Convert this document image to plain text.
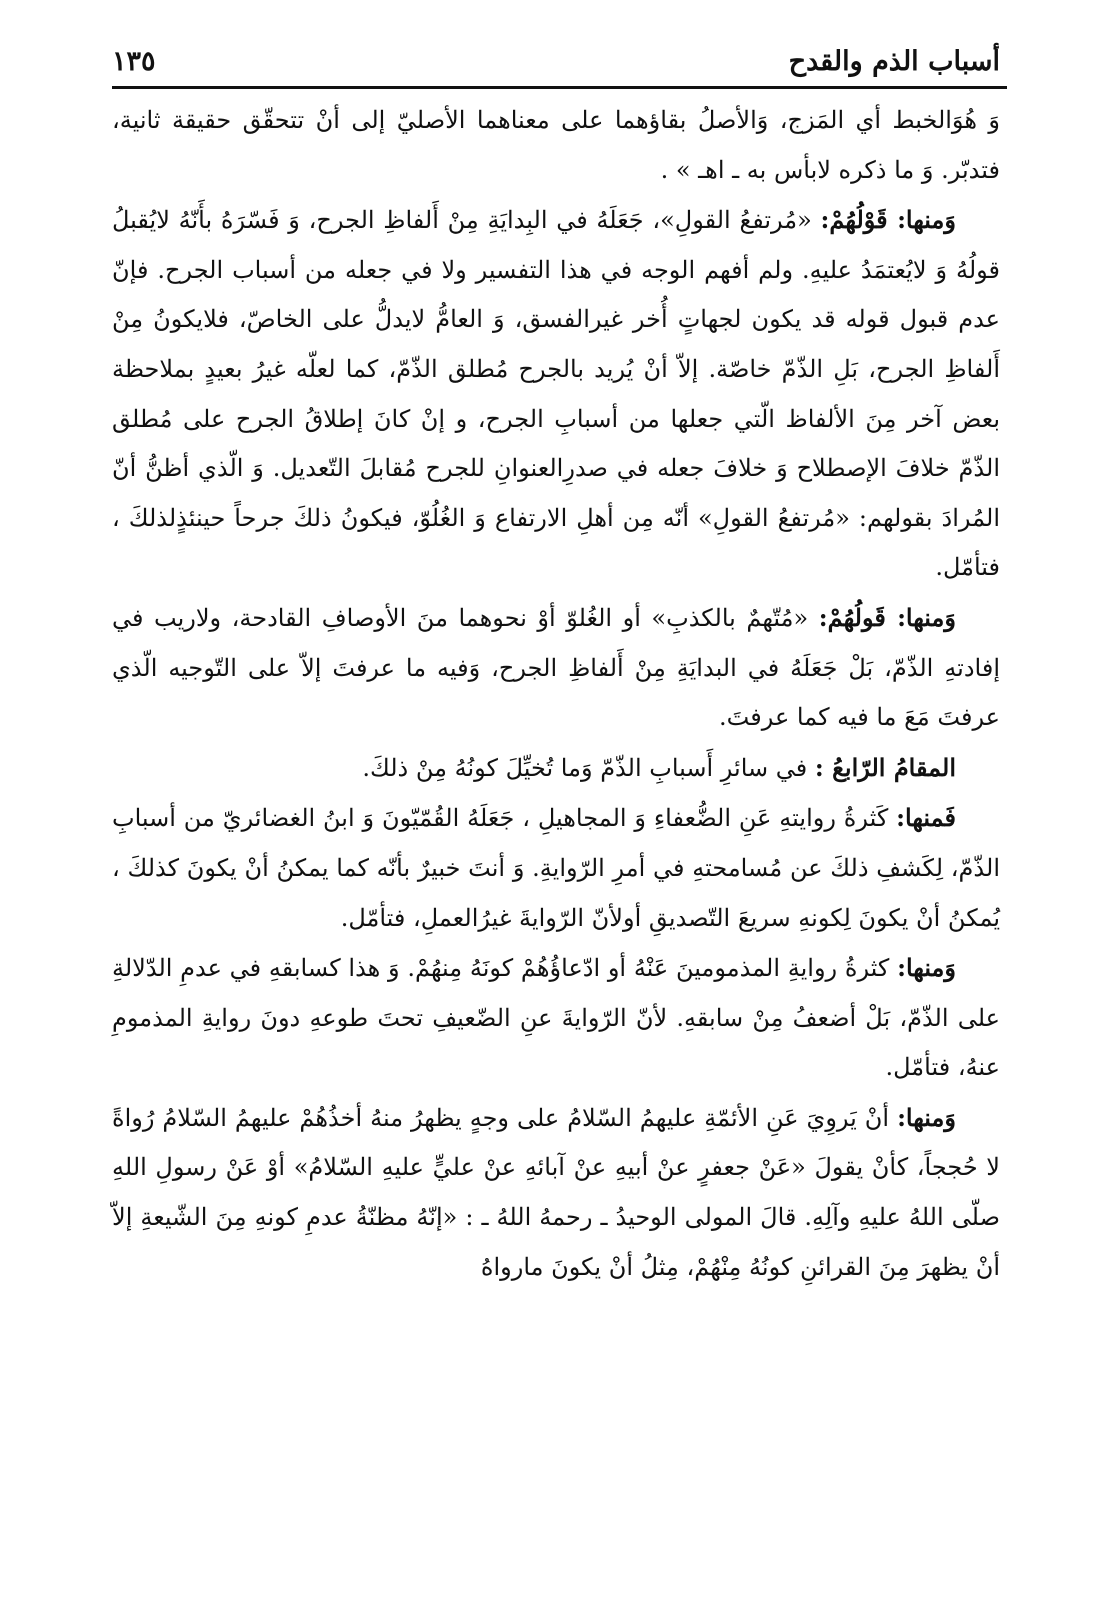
أسباب الذم والقدح
١٣٥

وَ هُوَالخبط أي المَزج، وَالأصلُ بقاؤهما على معناهما الأصليّ إلى أنْ تتحقّق حقيقة ثانية، فتدبّر. وَ ما ذكره لابأس به ـ اهـ » .

وَمنها: قَوْلُهُمْ: «مُرتفعُ القولِ»، جَعَلَهُ في البِدايَةِ مِنْ أَلفاظِ الجرح، وَ فَسّرَهُ بأَنّهُ لايُقبلُ قولُهُ وَ لايُعتمَدُ عليهِ. ولم أفهم الوجه في هذا التفسير ولا في جعله من أسباب الجرح. فإنّ عدم قبول قوله قد يكون لجهاتٍ أُخر غيرالفسق، وَ العامُّ لايدلُّ على الخاصّ، فلايكونُ مِنْ أَلفاظِ الجرح، بَلِ الذّمّ خاصّة. إلاّ أنْ يُريد بالجرح مُطلق الذّمّ، كما لعلّه غيرُ بعيدٍ بملاحظة بعض آخر مِنَ الألفاظ الّتي جعلها من أسبابِ الجرح، و إنْ كانَ إطلاقُ الجرح على مُطلق الذّمّ خلافَ الإصطلاح وَ خلافَ جعله في صدرِالعنوانِ للجرح مُقابلَ التّعديل. وَ الّذي أظنُّ أنّ المُرادَ بقولهم: «مُرتفعُ القولِ» أنّه مِن أهلِ الارتفاع وَ الغُلُوّ، فيكونُ ذلكَ جرحاً حينئذٍلذلكَ ، فتأمّل.

وَمنها: قَولُهُمْ: «مُتّهمٌ بالكذبِ» أو الغُلوّ أوْ نحوهما منَ الأوصافِ القادحة، ولاريب في إفادتهِ الذّمّ، بَلْ جَعَلَهُ في البدايَةِ مِنْ أَلفاظِ الجرح، وَفيه ما عرفتَ إلاّ على التّوجيه الّذي عرفتَ مَعَ ما فيه كما عرفتَ.

المقامُ الرّابعُ : في سائرِ أَسبابِ الذّمّ وَما تُخيِّلَ كونُهُ مِنْ ذلكَ.

فَمنها: كَثرةُ روايتهِ عَنِ الضُّعفاءِ وَ المجاهيلِ ، جَعَلَهُ القُمّيّونَ وَ ابنُ الغضائريّ من أسبابِ الذّمّ، لِكَشفِ ذلكَ عن مُسامحتهِ في أمرِ الرّوايةِ. وَ أنتَ خبيرٌ بأنّه كما يمكنُ أنْ يكونَ كذلكَ ، يُمكنُ أنْ يكونَ لِكونهِ سريعَ التّصديقِ أولأنّ الرّوايةَ غيرُالعملِ، فتأمّل.

وَمنها: كثرةُ روايةِ المذمومينَ عَنْهُ أو ادّعاؤُهُمْ كونَهُ مِنهُمْ. وَ هذا كسابقهِ في عدمِ الدّلالةِ على الذّمّ، بَلْ أضعفُ مِنْ سابقهِ. لأنّ الرّوايةَ عنِ الضّعيفِ تحتَ طوعهِ دونَ روايةِ المذمومِ عنهُ، فتأمّل.

وَمنها: أنْ يَروِيَ عَنِ الأئمّةِ عليهمُ السّلامُ على وجهٍ يظهرُ منهُ أخذُهُمْ عليهمُ السّلامُ رُواةً لا حُججاً، كأنْ يقولَ «عَنْ جعفرٍ عنْ أبيهِ عنْ آبائهِ عنْ عليٍّ عليهِ السّلامُ» أوْ عَنْ رسولِ اللهِ صلّى اللهُ عليهِ وآلِهِ. قالَ المولى الوحيدُ ـ رحمهُ اللهُ ـ : «إنّهُ مظنّةُ عدمِ كونهِ مِنَ الشّيعةِ إلاّ أنْ يظهرَ مِنَ القرائنِ كونُهُ مِنْهُمْ، مِثلُ أنْ يكونَ مارواهُ
